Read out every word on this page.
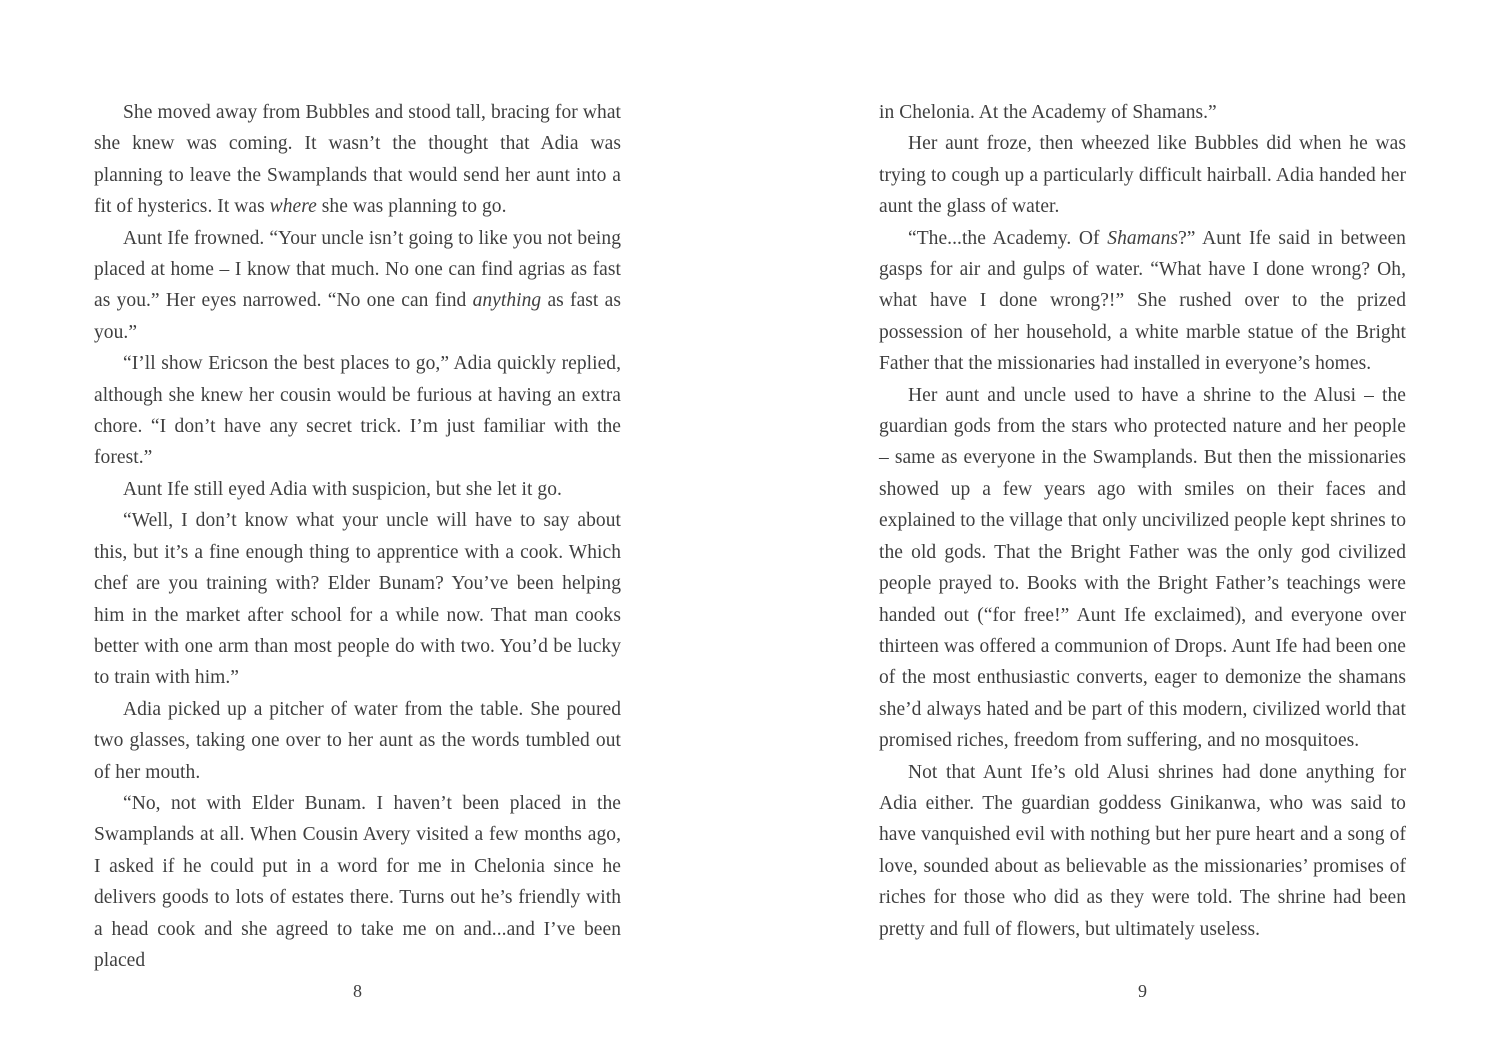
She moved away from Bubbles and stood tall, bracing for what she knew was coming. It wasn’t the thought that Adia was planning to leave the Swamplands that would send her aunt into a fit of hysterics. It was where she was planning to go.

Aunt Ife frowned. “Your uncle isn’t going to like you not being placed at home – I know that much. No one can find agrias as fast as you.” Her eyes narrowed. “No one can find anything as fast as you.”

“I’ll show Ericson the best places to go,” Adia quickly replied, although she knew her cousin would be furious at having an extra chore. “I don’t have any secret trick. I’m just familiar with the forest.”

Aunt Ife still eyed Adia with suspicion, but she let it go.

“Well, I don’t know what your uncle will have to say about this, but it’s a fine enough thing to apprentice with a cook. Which chef are you training with? Elder Bunam? You’ve been helping him in the market after school for a while now. That man cooks better with one arm than most people do with two. You’d be lucky to train with him.”

Adia picked up a pitcher of water from the table. She poured two glasses, taking one over to her aunt as the words tumbled out of her mouth.

“No, not with Elder Bunam. I haven’t been placed in the Swamplands at all. When Cousin Avery visited a few months ago, I asked if he could put in a word for me in Chelonia since he delivers goods to lots of estates there. Turns out he’s friendly with a head cook and she agreed to take me on and...and I’ve been placed

in Chelonia. At the Academy of Shamans.”

Her aunt froze, then wheezed like Bubbles did when he was trying to cough up a particularly difficult hairball. Adia handed her aunt the glass of water.

“The...the Academy. Of Shamans?” Aunt Ife said in between gasps for air and gulps of water. “What have I done wrong? Oh, what have I done wrong?!” She rushed over to the prized possession of her household, a white marble statue of the Bright Father that the missionaries had installed in everyone’s homes.

Her aunt and uncle used to have a shrine to the Alusi – the guardian gods from the stars who protected nature and her people – same as everyone in the Swamplands. But then the missionaries showed up a few years ago with smiles on their faces and explained to the village that only uncivilized people kept shrines to the old gods. That the Bright Father was the only god civilized people prayed to. Books with the Bright Father’s teachings were handed out (“for free!” Aunt Ife exclaimed), and everyone over thirteen was offered a communion of Drops. Aunt Ife had been one of the most enthusiastic converts, eager to demonize the shamans she’d always hated and be part of this modern, civilized world that promised riches, freedom from suffering, and no mosquitoes.

Not that Aunt Ife’s old Alusi shrines had done anything for Adia either. The guardian goddess Ginikanwa, who was said to have vanquished evil with nothing but her pure heart and a song of love, sounded about as believable as the missionaries’ promises of riches for those who did as they were told. The shrine had been pretty and full of flowers, but ultimately useless.

8	9
